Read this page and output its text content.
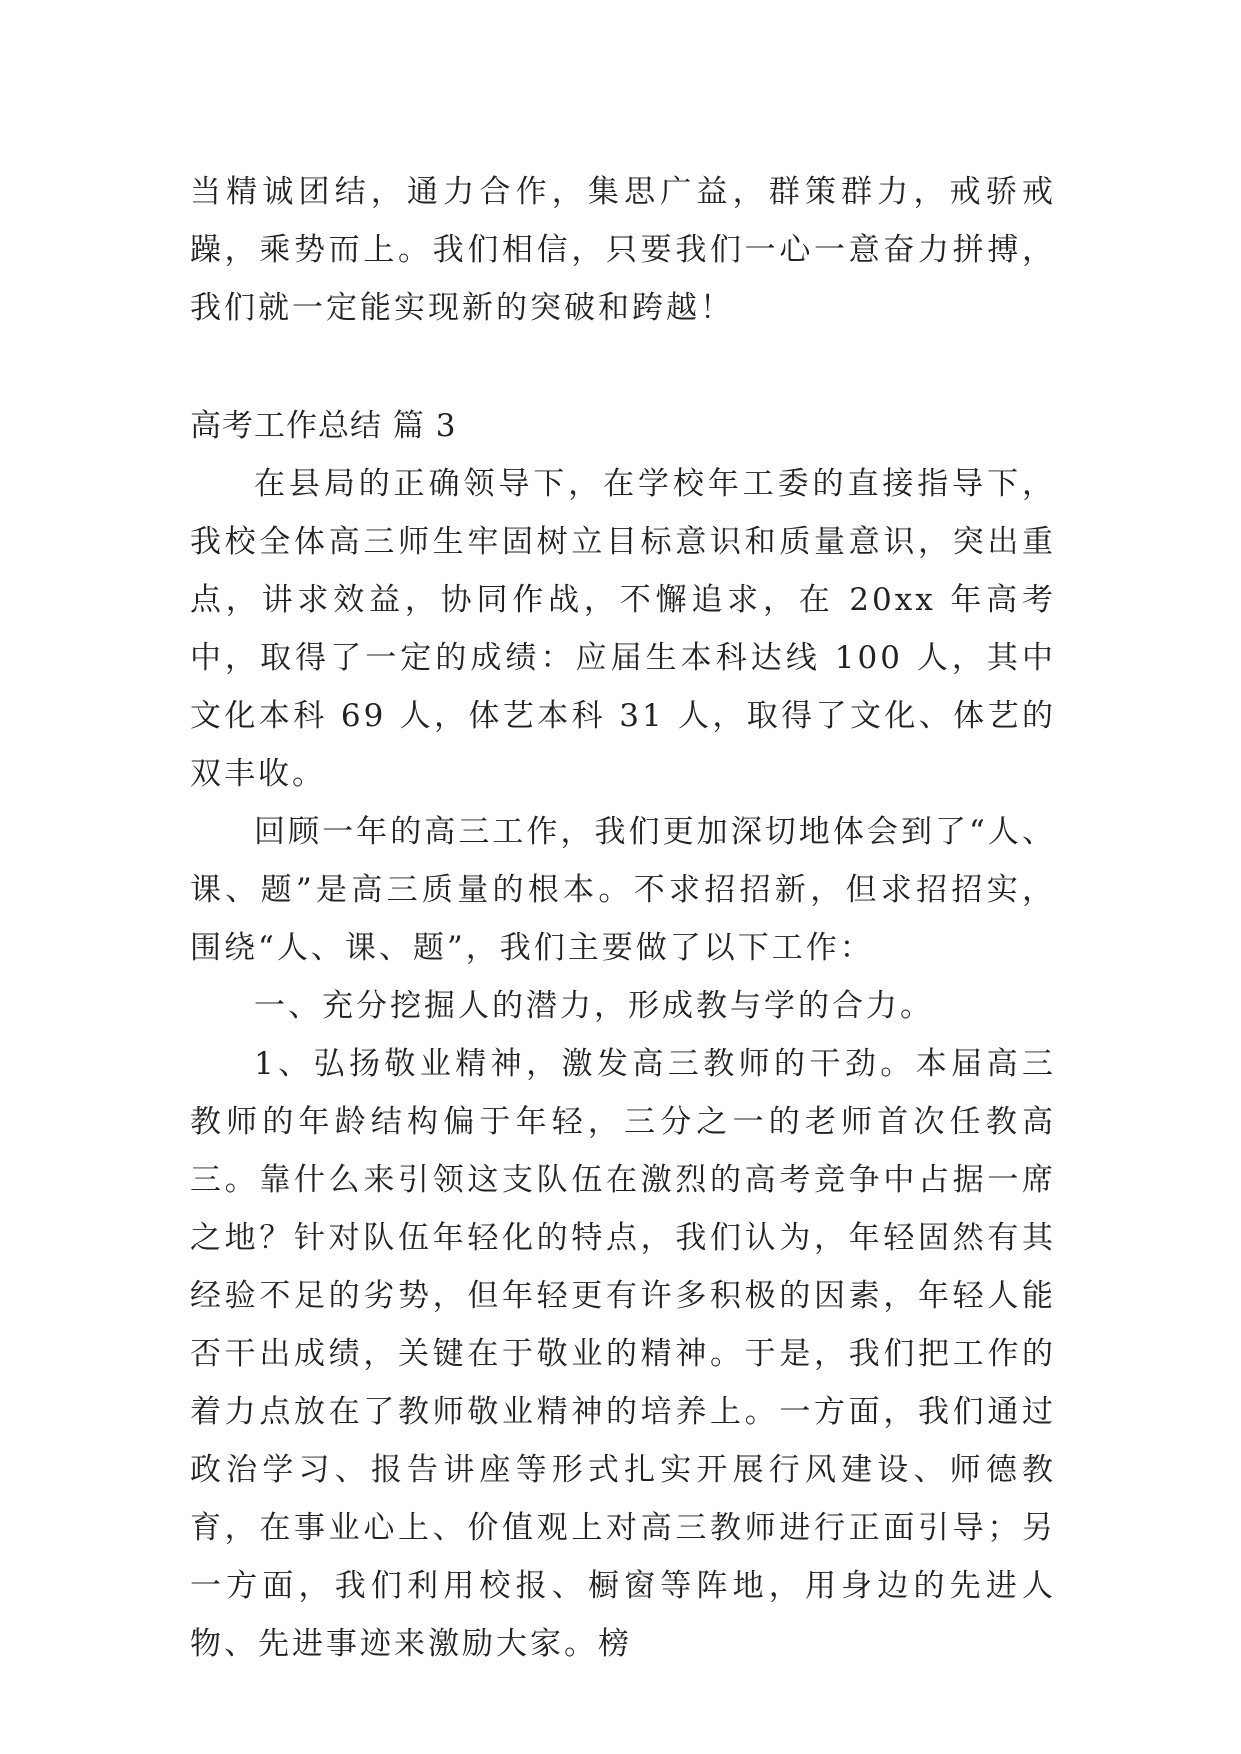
当精诚团结，通力合作，集思广益，群策群力，戒骄戒躁，乘势而上。我们相信，只要我们一心一意奋力拼搏，我们就一定能实现新的突破和跨越！

高考工作总结 篇 3

在县局的正确领导下，在学校年工委的直接指导下，我校全体高三师生牢固树立目标意识和质量意识，突出重点，讲求效益，协同作战，不懈追求，在 20xx 年高考中，取得了一定的成绩：应届生本科达线 100 人，其中文化本科 69 人，体艺本科 31 人，取得了文化、体艺的双丰收。

回顾一年的高三工作，我们更加深切地体会到了“人、课、题”是高三质量的根本。不求招招新，但求招招实，围绕“人、课、题”，我们主要做了以下工作：

一、充分挖掘人的潜力，形成教与学的合力。

1、弘扬敬业精神，激发高三教师的干劲。本届高三教师的年龄结构偏于年轻，三分之一的老师首次任教高三。靠什么来引领这支队伍在激烈的高考竞争中占据一席之地？针对队伍年轻化的特点，我们认为，年轻固然有其经验不足的劣势，但年轻更有许多积极的因素，年轻人能否干出成绩，关键在于敬业的精神。于是，我们把工作的着力点放在了教师敬业精神的培养上。一方面，我们通过政治学习、报告讲座等形式扎实开展行风建设、师德教育，在事业心上、价值观上对高三教师进行正面引导；另一方面，我们利用校报、橱窗等阵地，用身边的先进人物、先进事迹来激励大家。榜
